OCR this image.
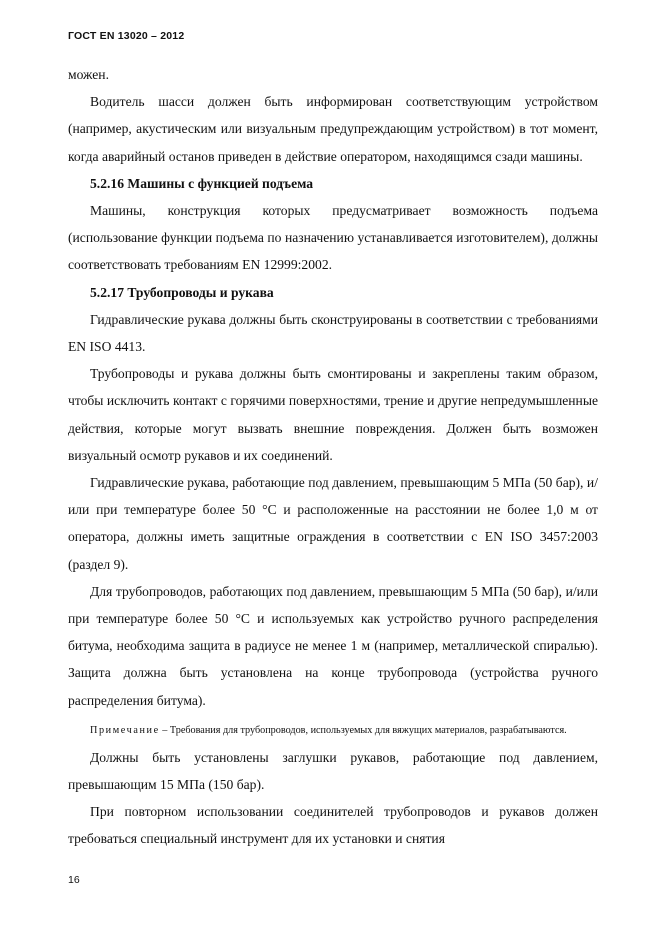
ГОСТ EN 13020 – 2012

можен.

Водитель шасси должен быть информирован соответствующим устройством (например, акустическим или визуальным предупреждающим устройством) в тот момент, когда аварийный останов приведен в действие оператором, находящимся сзади машины.

5.2.16 Машины с функцией подъема

Машины, конструкция которых предусматривает возможность подъема (использование функции подъема по назначению устанавливается изготовителем), должны соответствовать требованиям EN 12999:2002.

5.2.17 Трубопроводы и рукава

Гидравлические рукава должны быть сконструированы в соответствии с требованиями EN ISO 4413.

Трубопроводы и рукава должны быть смонтированы и закреплены таким образом, чтобы исключить контакт с горячими поверхностями, трение и другие непредумышленные действия, которые могут вызвать внешние повреждения. Должен быть возможен визуальный осмотр рукавов и их соединений.

Гидравлические рукава, работающие под давлением, превышающим 5 МПа (50 бар), и/или при температуре более 50 °С и расположенные на расстоянии не более 1,0 м от оператора, должны иметь защитные ограждения в соответствии с EN ISO 3457:2003 (раздел 9).

Для трубопроводов, работающих под давлением, превышающим 5 МПа (50 бар), и/или при температуре более 50 °С и используемых как устройство ручного распределения битума, необходима защита в радиусе не менее 1 м (например, металлической спиралью). Защита должна быть установлена на конце трубопровода (устройства ручного распределения битума).

Примечание – Требования для трубопроводов, используемых для вяжущих материалов, разрабатываются.

Должны быть установлены заглушки рукавов, работающие под давлением, превышающим 15 МПа (150 бар).

При повторном использовании соединителей трубопроводов и рукавов должен требоваться специальный инструмент для их установки и снятия

16
